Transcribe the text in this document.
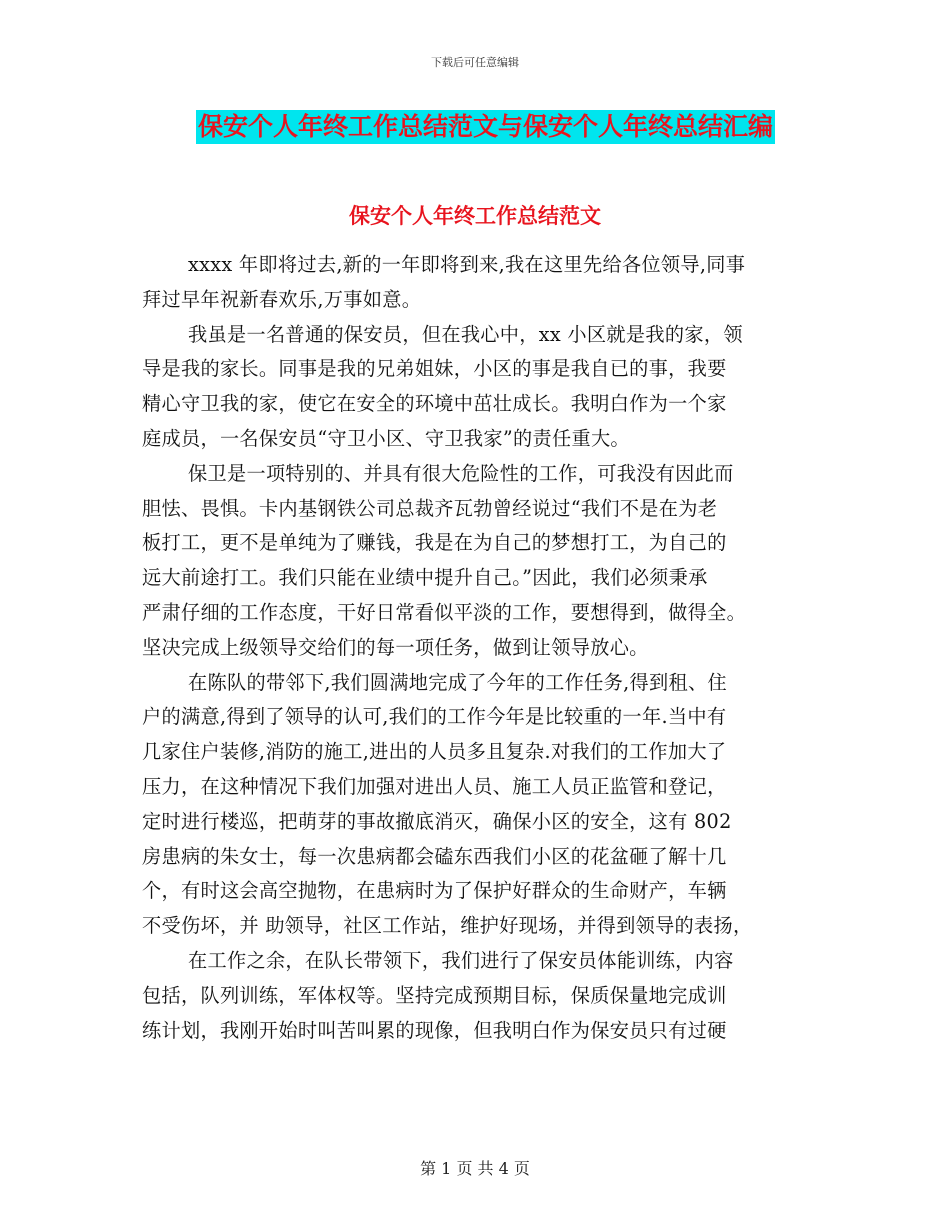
下载后可任意编辑
保安个人年终工作总结范文与保安个人年终总结汇编
保安个人年终工作总结范文
xxxx 年即将过去,新的一年即将到来,我在这里先给各位领导,同事
拜过早年祝新春欢乐,万事如意。
我虽是一名普通的保安员，但在我心中，xx 小区就是我的家，领
导是我的家长。同事是我的兄弟姐妹，小区的事是我自已的事，我要
精心守卫我的家，使它在安全的环境中茁壮成长。我明白作为一个家
庭成员，一名保安员“守卫小区、守卫我家”的责任重大。
保卫是一项特别的、并具有很大危险性的工作，可我没有因此而
胆怯、畏惧。卡内基钢铁公司总裁齐瓦勃曾经说过“我们不是在为老
板打工，更不是单纯为了赚钱，我是在为自己的梦想打工，为自己的
远大前途打工。我们只能在业绩中提升自己。”因此，我们必须秉承
严肃仔细的工作态度，干好日常看似平淡的工作，要想得到，做得全。
坚决完成上级领导交给们的每一项任务，做到让领导放心。
在陈队的带邻下,我们圆满地完成了今年的工作任务,得到租、住
户的满意,得到了领导的认可,我们的工作今年是比较重的一年.当中有
几家住户装修,消防的施工,进出的人员多且复杂.对我们的工作加大了
压力，在这种情况下我们加强对进出人员、施工人员正监管和登记，
定时进行楼巡，把萌芽的事故撤底消灭，确保小区的安全，这有 802
房患病的朱女士，每一次患病都会磕东西我们小区的花盆砸了解十几
个，有时这会高空抛物，在患病时为了保护好群众的生命财产，车辆
不受伤坏，并 助领导，社区工作站，维护好现场，并得到领导的表扬，
在工作之余，在队长带领下，我们进行了保安员体能训练，内容
包括，队列训练，军体权等。坚持完成预期目标，保质保量地完成训
练计划，我刚开始时叫苦叫累的现像，但我明白作为保安员只有过硬
第 1 页 共 4 页
